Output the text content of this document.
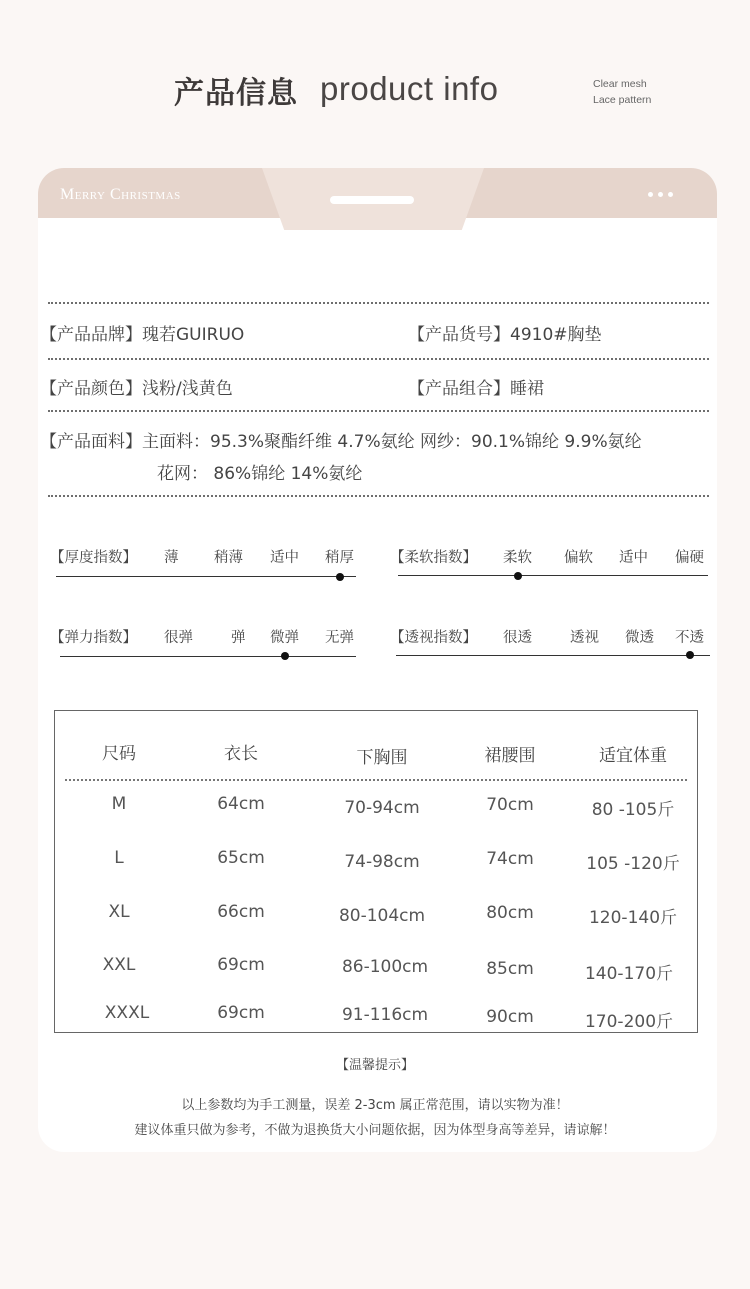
产品信息 product info	Clear mesh
Lace pattern
Merry Christmas
【产品品牌】瑰若GUIRUO	【产品货号】4910#胸垫
【产品颜色】浅粉/浅黄色	【产品组合】睡裙
【产品面料】主面料：95.3%聚酯纤维 4.7%氨纶 网纱：90.1%锦纶 9.9%氨纶
花网： 86%锦纶 14%氨纶
【厚度指数】 薄 稍薄 适中 稍厚 【柔软指数】 柔软 偏软 适中 偏硬
【弹力指数】 很弹	弹 微弹 无弹 【透视指数】 很透	透视 微透 不透
尺码	衣长	下胸围	裙腰围	适宜体重
M	64cm	70-94cm	70cm	80 -105斤
L	65cm	74-98cm	74cm	105 -120斤
XL	66cm	80-104cm	80cm	120-140斤
XXL	69cm	86-100cm	85cm	140-170斤
XXXL	69cm	91-116cm	90cm	170-200斤
【温馨提示】
以上参数均为手工测量，误差 2-3cm 属正常范围，请以实物为准！
建议体重只做为参考，不做为退换货大小问题依据，因为体型身高等差异，请谅解！
